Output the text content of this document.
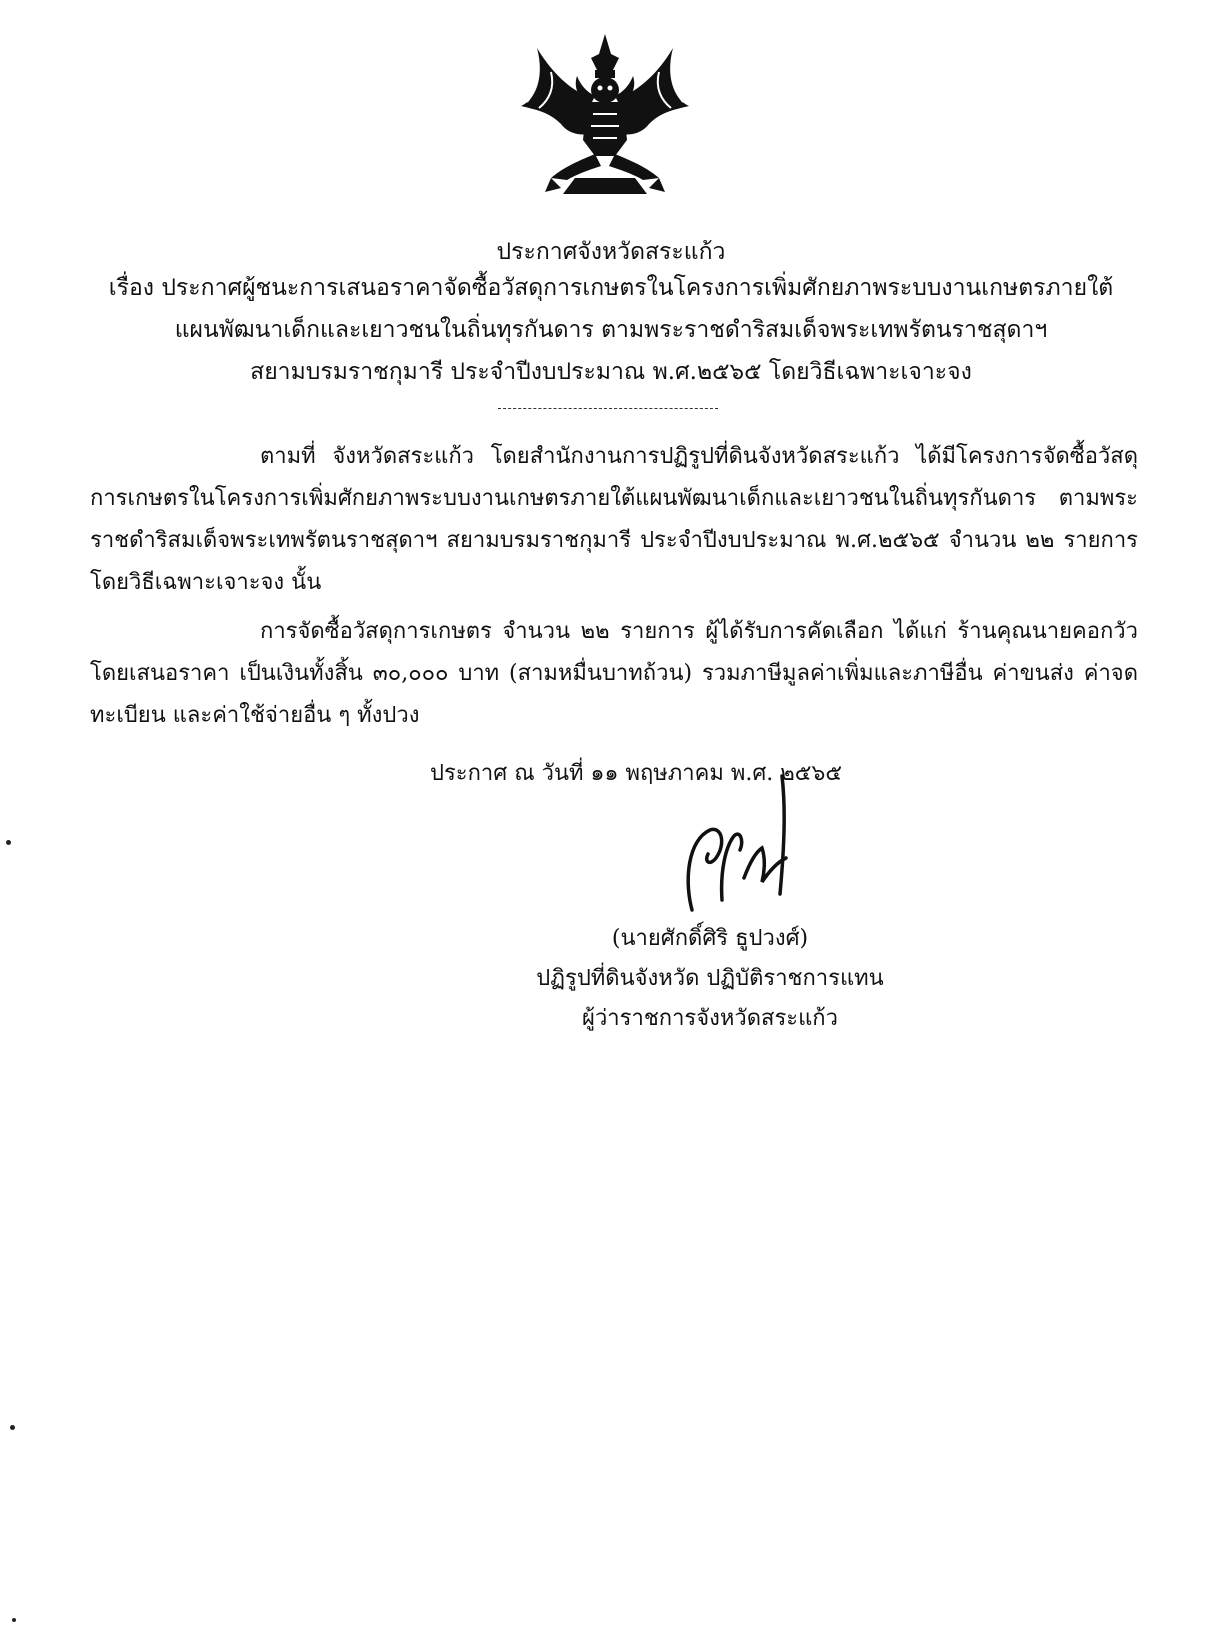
ประกาศจังหวัดสระแก้ว

เรื่อง ประกาศผู้ชนะการเสนอราคาจัดซื้อวัสดุการเกษตรในโครงการเพิ่มศักยภาพระบบงานเกษตรภายใต้

แผนพัฒนาเด็กและเยาวชนในถิ่นทุรกันดาร ตามพระราชดำริสมเด็จพระเทพรัตนราชสุดาฯ

สยามบรมราชกุมารี ประจำปีงบประมาณ พ.ศ.๒๕๖๕ โดยวิธีเฉพาะเจาะจง

ตามที่ จังหวัดสระแก้ว โดยสำนักงานการปฏิรูปที่ดินจังหวัดสระแก้ว ได้มีโครงการจัดซื้อวัสดุการเกษตรในโครงการเพิ่มศักยภาพระบบงานเกษตรภายใต้แผนพัฒนาเด็กและเยาวชนในถิ่นทุรกันดาร ตามพระราชดำริสมเด็จพระเทพรัตนราชสุดาฯ สยามบรมราชกุมารี ประจำปีงบประมาณ พ.ศ.๒๕๖๕ จำนวน ๒๒ รายการ โดยวิธีเฉพาะเจาะจง นั้น

การจัดซื้อวัสดุการเกษตร จำนวน ๒๒ รายการ ผู้ได้รับการคัดเลือก ได้แก่ ร้านคุณนายคอกวัว โดยเสนอราคา เป็นเงินทั้งสิ้น ๓๐,๐๐๐ บาท (สามหมื่นบาทถ้วน) รวมภาษีมูลค่าเพิ่มและภาษีอื่น ค่าขนส่ง ค่าจดทะเบียน และค่าใช้จ่ายอื่น ๆ ทั้งปวง

ประกาศ ณ วันที่ ๑๑ พฤษภาคม พ.ศ. ๒๕๖๕

(นายศักดิ์ศิริ ธูปวงศ์)

ปฏิรูปที่ดินจังหวัด ปฏิบัติราชการแทน

ผู้ว่าราชการจังหวัดสระแก้ว
